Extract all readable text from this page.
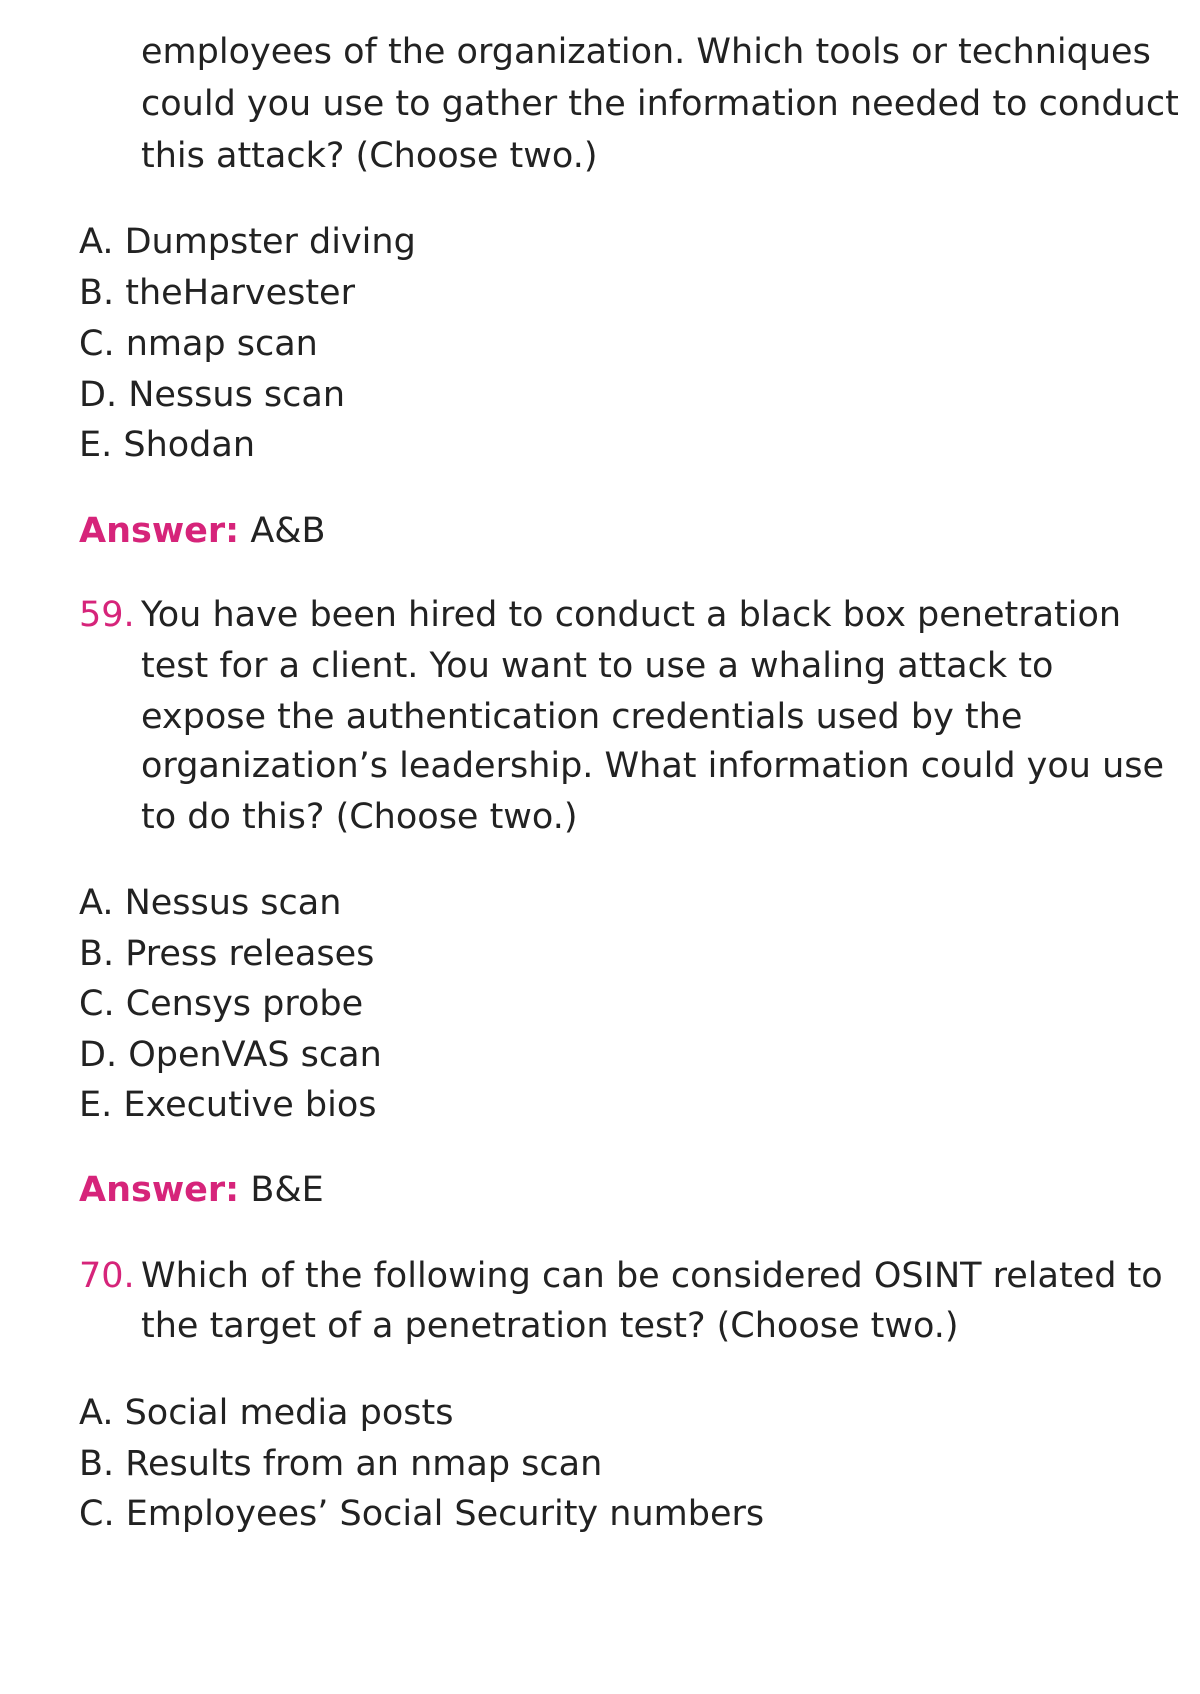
employees of the organization. Which tools or techniques
could you use to gather the information needed to conduct
this attack? (Choose two.)
A. Dumpster diving
B. theHarvester
C. nmap scan
D. Nessus scan
E. Shodan
Answer: A&B
59. You have been hired to conduct a black box penetration
test for a client. You want to use a whaling attack to
expose the authentication credentials used by the
organization’s leadership. What information could you use
to do this? (Choose two.)
A. Nessus scan
B. Press releases
C. Censys probe
D. OpenVAS scan
E. Executive bios
Answer: B&E
70. Which of the following can be considered OSINT related to
the target of a penetration test? (Choose two.)
A. Social media posts
B. Results from an nmap scan
C. Employees’ Social Security numbers
